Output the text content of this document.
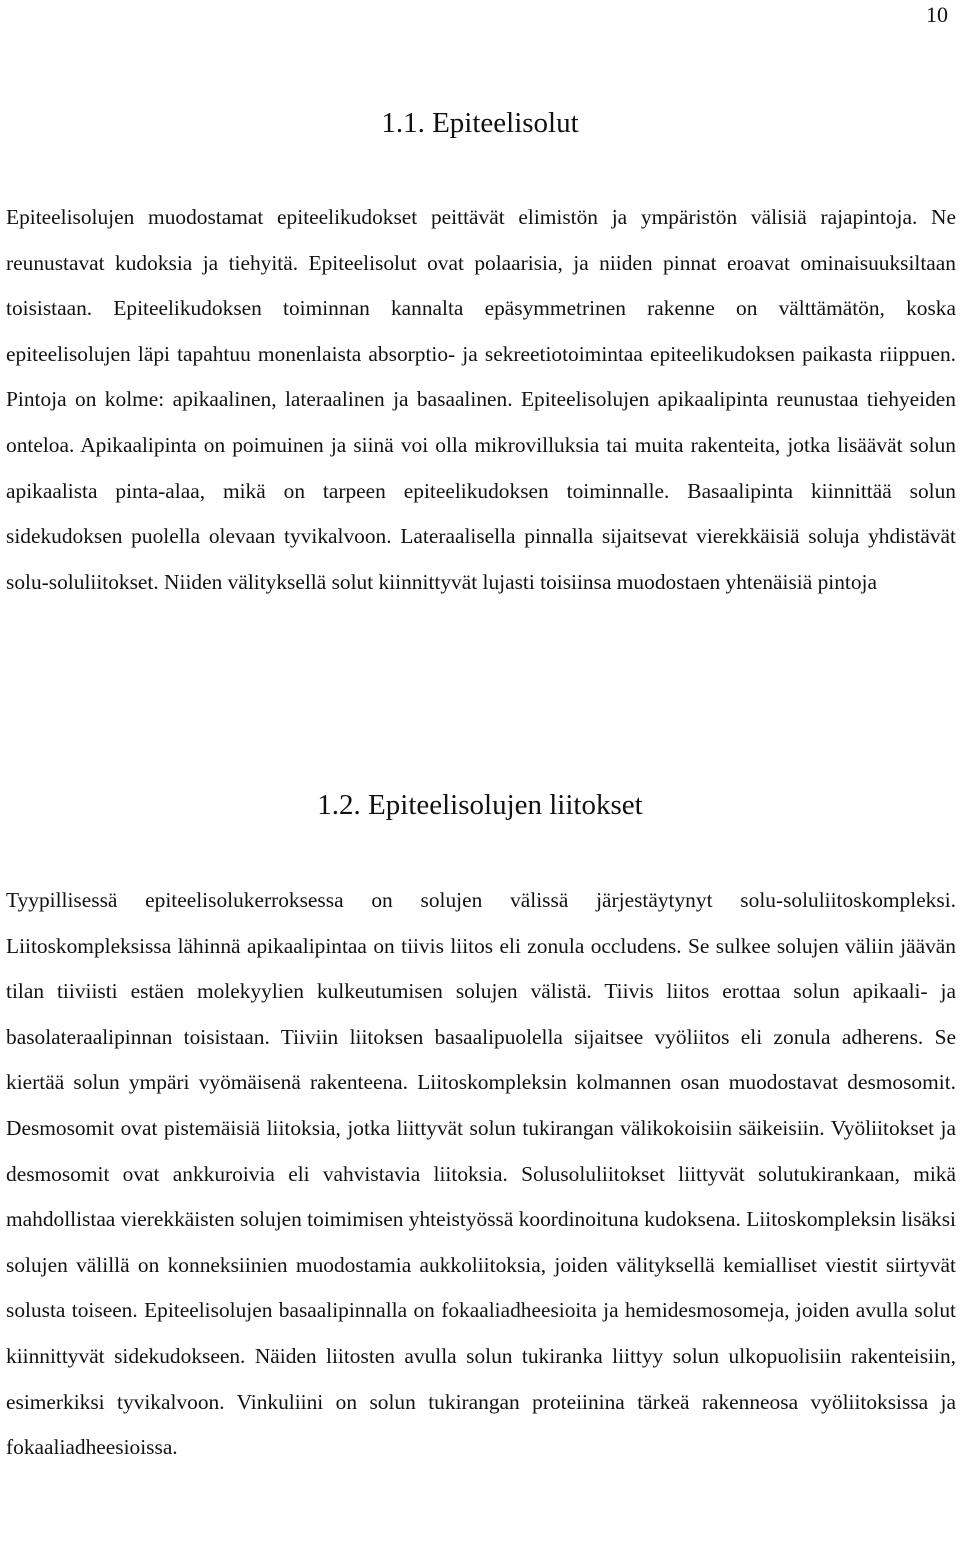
10
1.1. Epiteelisolut

Epiteelisolujen muodostamat epiteelikudokset peittävät elimistön ja ympäristön välisiä rajapintoja. Ne reunustavat kudoksia ja tiehyitä. Epiteelisolut ovat polaarisia, ja niiden pinnat eroavat ominaisuuksiltaan toisistaan. Epiteelikudoksen toiminnan kannalta epäsymmetrinen rakenne on välttämätön, koska epiteelisolujen läpi tapahtuu monenlaista absorptio- ja sekreetiotoimintaa epiteelikudoksen paikasta riippuen. Pintoja on kolme: apikaalinen, lateraalinen ja basaalinen. Epiteelisolujen apikaalipinta reunustaa tiehyeiden onteloa. Apikaalipinta on poimuinen ja siinä voi olla mikrovilluksia tai muita rakenteita, jotka lisäävät solun apikaalista pinta-alaa, mikä on tarpeen epiteelikudoksen toiminnalle. Basaalipinta kiinnittää solun sidekudoksen puolella olevaan tyvikalvoon. Lateraalisella pinnalla sijaitsevat vierekkäisiä soluja yhdistävät solu-soluliitokset. Niiden välityksellä solut kiinnittyvät lujasti toisiinsa muodostaen yhtenäisiä pintoja

1.2. Epiteelisolujen liitokset

Tyypillisessä epiteelisolukerroksessa on solujen välissä järjestäytynyt solu-soluliitoskompleksi. Liitoskompleksissa lähinnä apikaalipintaa on tiivis liitos eli zonula occludens. Se sulkee solujen väliin jäävän tilan tiiviisti estäen molekyylien kulkeutumisen solujen välistä. Tiivis liitos erottaa solun apikaali- ja basolateraalipinnan toisistaan. Tiiviin liitoksen basaalipuolella sijaitsee vyöliitos eli zonula adherens. Se kiertää solun ympäri vyömäisenä rakenteena. Liitoskompleksin kolmannen osan muodostavat desmosomit. Desmosomit ovat pistemäisiä liitoksia, jotka liittyvät solun tukirangan välikokoisiin säikeisiin. Vyöliitokset ja desmosomit ovat ankkuroivia eli vahvistavia liitoksia. Solusoluliitokset liittyvät solutukirankaan, mikä mahdollistaa vierekkäisten solujen toimimisen yhteistyössä koordinoituna kudoksena. Liitoskompleksin lisäksi solujen välillä on konneksiinien muodostamia aukkoliitoksia, joiden välityksellä kemialliset viestit siirtyvät solusta toiseen. Epiteelisolujen basaalipinnalla on fokaaliadheesioita ja hemidesmosomeja, joiden avulla solut kiinnittyvät sidekudokseen. Näiden liitosten avulla solun tukiranka liittyy solun ulkopuolisiin rakenteisiin, esimerkiksi tyvikalvoon. Vinkuliini on solun tukirangan proteiinina tärkeä rakenneosa vyöliitoksissa ja fokaaliadheesioissa.
